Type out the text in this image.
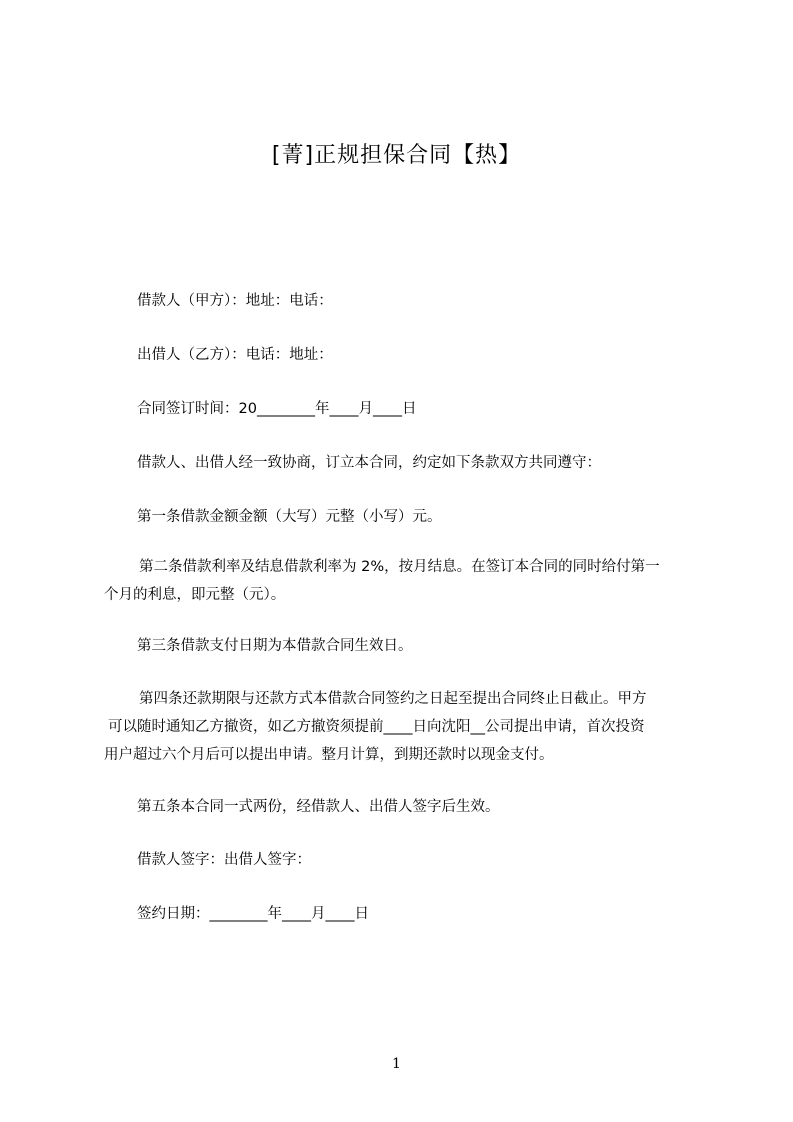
[菁]正规担保合同【热】

借款人（甲方）：地址：电话：

出借人（乙方）：电话：地址：

合同签订时间：20________年____月____日

借款人、出借人经一致协商，订立本合同，约定如下条款双方共同遵守：

第一条借款金额金额（大写）元整（小写）元。

第二条借款利率及结息借款利率为 2%，按月结息。在签订本合同的同时给付第一
个月的利息，即元整（元）。

第三条借款支付日期为本借款合同生效日。

第四条还款期限与还款方式本借款合同签约之日起至提出合同终止日截止。甲方
可以随时通知乙方撤资，如乙方撤资须提前____日向沈阳__公司提出申请，首次投资
用户超过六个月后可以提出申请。整月计算，到期还款时以现金支付。

第五条本合同一式两份，经借款人、出借人签字后生效。

借款人签字：出借人签字：

签约日期：________年____月____日

1
